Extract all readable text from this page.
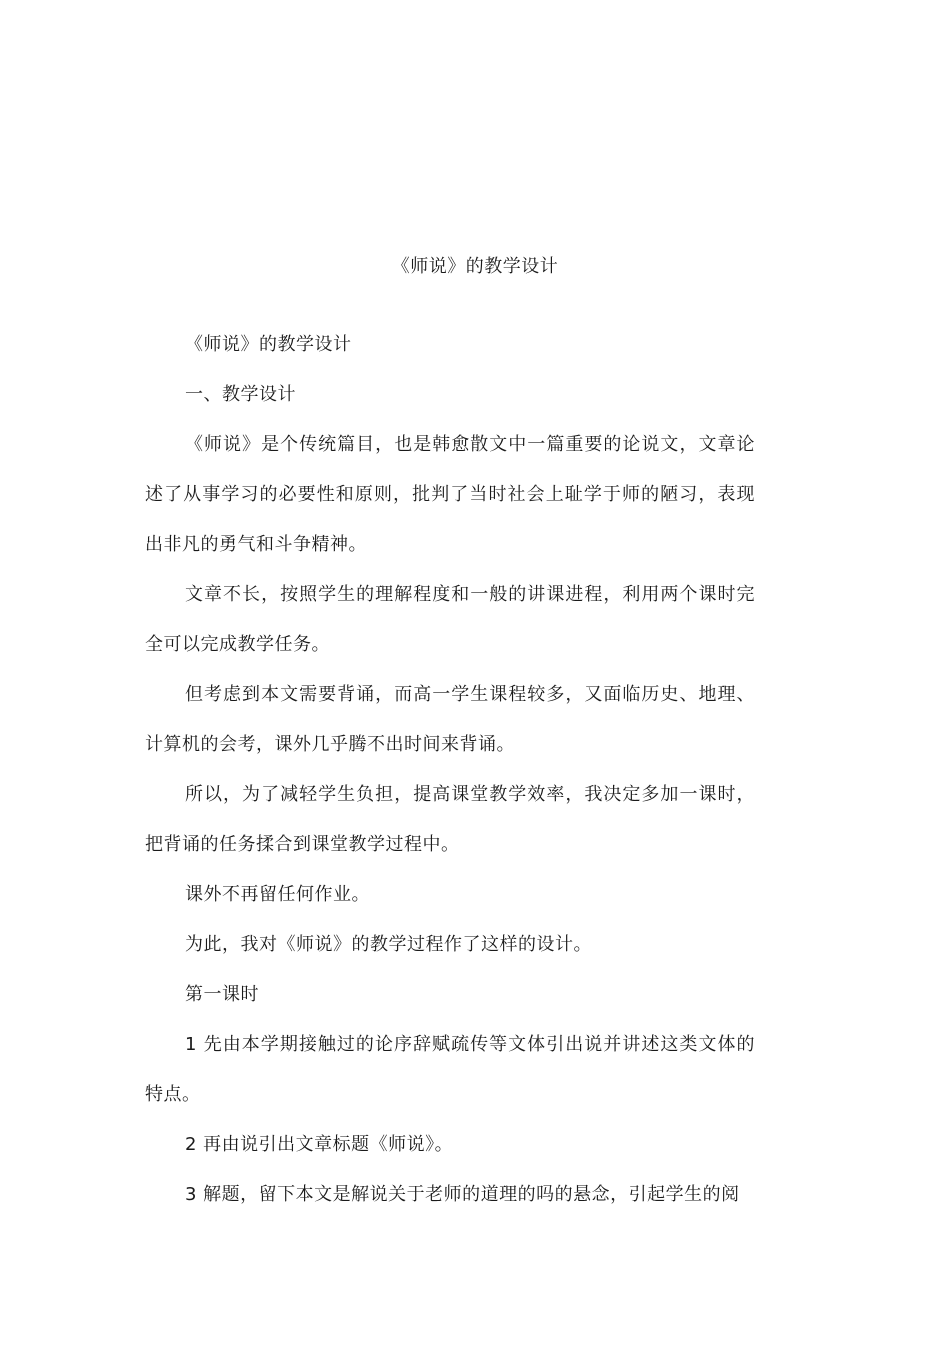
《师说》的教学设计

《师说》的教学设计

一、教学设计

《师说》是个传统篇目，也是韩愈散文中一篇重要的论说文，文章论述了从事学习的必要性和原则，批判了当时社会上耻学于师的陋习，表现出非凡的勇气和斗争精神。

文章不长，按照学生的理解程度和一般的讲课进程，利用两个课时完全可以完成教学任务。

但考虑到本文需要背诵，而高一学生课程较多，又面临历史、地理、计算机的会考，课外几乎腾不出时间来背诵。

所以，为了减轻学生负担，提高课堂教学效率，我决定多加一课时，把背诵的任务揉合到课堂教学过程中。

课外不再留任何作业。

为此，我对《师说》的教学过程作了这样的设计。

第一课时

1 先由本学期接触过的论序辞赋疏传等文体引出说并讲述这类文体的特点。

2 再由说引出文章标题《师说》。

3 解题，留下本文是解说关于老师的道理的吗的悬念，引起学生的阅
